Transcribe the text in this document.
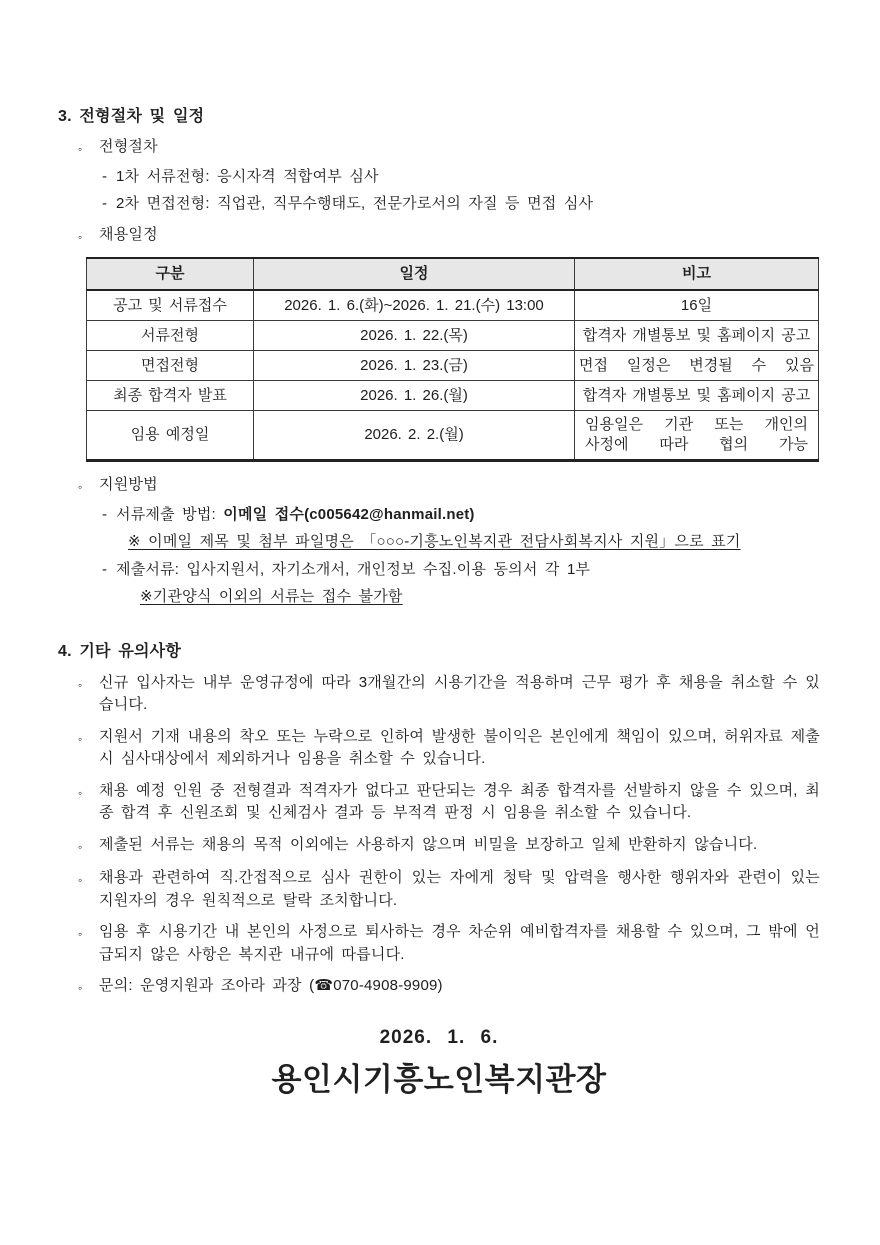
3. 전형절차 및 일정
◦	전형절차
- 1차 서류전형: 응시자격 적합여부 심사
- 2차 면접전형: 직업관, 직무수행태도, 전문가로서의 자질 등 면접 심사
◦	채용일정
구분	일정	비고
공고 및 서류접수	2026. 1. 6.(화)~2026. 1. 21.(수) 13:00	16일
서류전형	2026. 1. 22.(목)	합격자 개별통보 및 홈페이지 공고
면접전형	2026. 1. 23.(금)	면접 일정은 변경될 수 있음
최종 합격자 발표	2026. 1. 26.(월)	합격자 개별통보 및 홈페이지 공고
임용 예정일	2026. 2. 2.(월)	임용일은 기관 또는 개인의
사정에 따라 협의 가능
◦	지원방법
- 서류제출 방법: 이메일 접수(c005642@hanmail.net)
※ 이메일 제목 및 첨부 파일명은 「○○○-기흥노인복지관 전담사회복지사 지원」으로 표기
- 제출서류: 입사지원서, 자기소개서, 개인정보 수집.이용 동의서 각 1부
※기관양식 이외의 서류는 접수 불가함
4. 기타 유의사항
◦	신규 입사자는 내부 운영규정에 따라 3개월간의 시용기간을 적용하며 근무 평가 후 채용을 취소할 수 있습니다.
◦	지원서 기재 내용의 착오 또는 누락으로 인하여 발생한 불이익은 본인에게 책임이 있으며, 허위자료 제출 시 심사대상에서 제외하거나 임용을 취소할 수 있습니다.
◦	채용 예정 인원 중 전형결과 적격자가 없다고 판단되는 경우 최종 합격자를 선발하지 않을 수 있으며, 최종 합격 후 신원조회 및 신체검사 결과 등 부적격 판정 시 임용을 취소할 수 있습니다.
◦	제출된 서류는 채용의 목적 이외에는 사용하지 않으며 비밀을 보장하고 일체 반환하지 않습니다.
◦	채용과 관련하여 직.간접적으로 심사 권한이 있는 자에게 청탁 및 압력을 행사한 행위자와 관련이 있는 지원자의 경우 원칙적으로 탈락 조치합니다.
◦	임용 후 시용기간 내 본인의 사정으로 퇴사하는 경우 차순위 예비합격자를 채용할 수 있으며, 그 밖에 언급되지 않은 사항은 복지관 내규에 따릅니다.
◦	문의: 운영지원과 조아라 과장 (☎070-4908-9909)
2026. 1. 6.
용인시기흥노인복지관장
